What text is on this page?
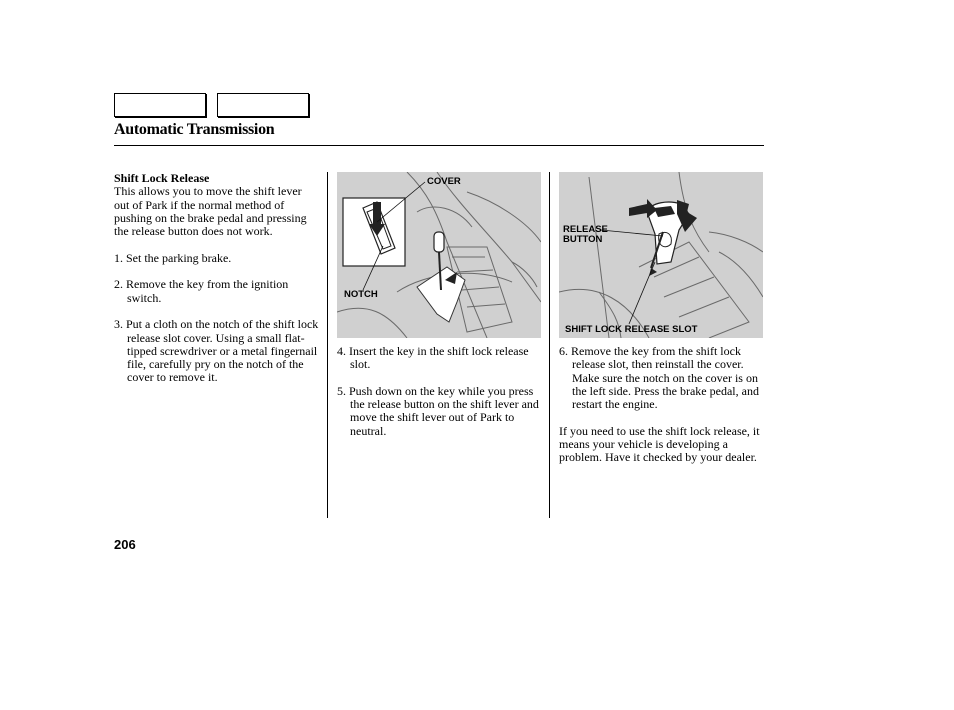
Automatic Transmission

Shift Lock Release

This allows you to move the shift lever out of Park if the normal method of pushing on the brake pedal and pressing the release button does not work.

1. Set the parking brake.

2. Remove the key from the ignition switch.

3. Put a cloth on the notch of the shift lock release slot cover. Using a small flat-tipped screwdriver or a metal fingernail file, carefully pry on the notch of the cover to remove it.

COVER
NOTCH

4. Insert the key in the shift lock release slot.

5. Push down on the key while you press the release button on the shift lever and move the shift lever out of Park to neutral.

RELEASE
BUTTON
SHIFT LOCK RELEASE SLOT

6. Remove the key from the shift lock release slot, then reinstall the cover. Make sure the notch on the cover is on the left side. Press the brake pedal, and restart the engine.

If you need to use the shift lock release, it means your vehicle is developing a problem. Have it checked by your dealer.

206
